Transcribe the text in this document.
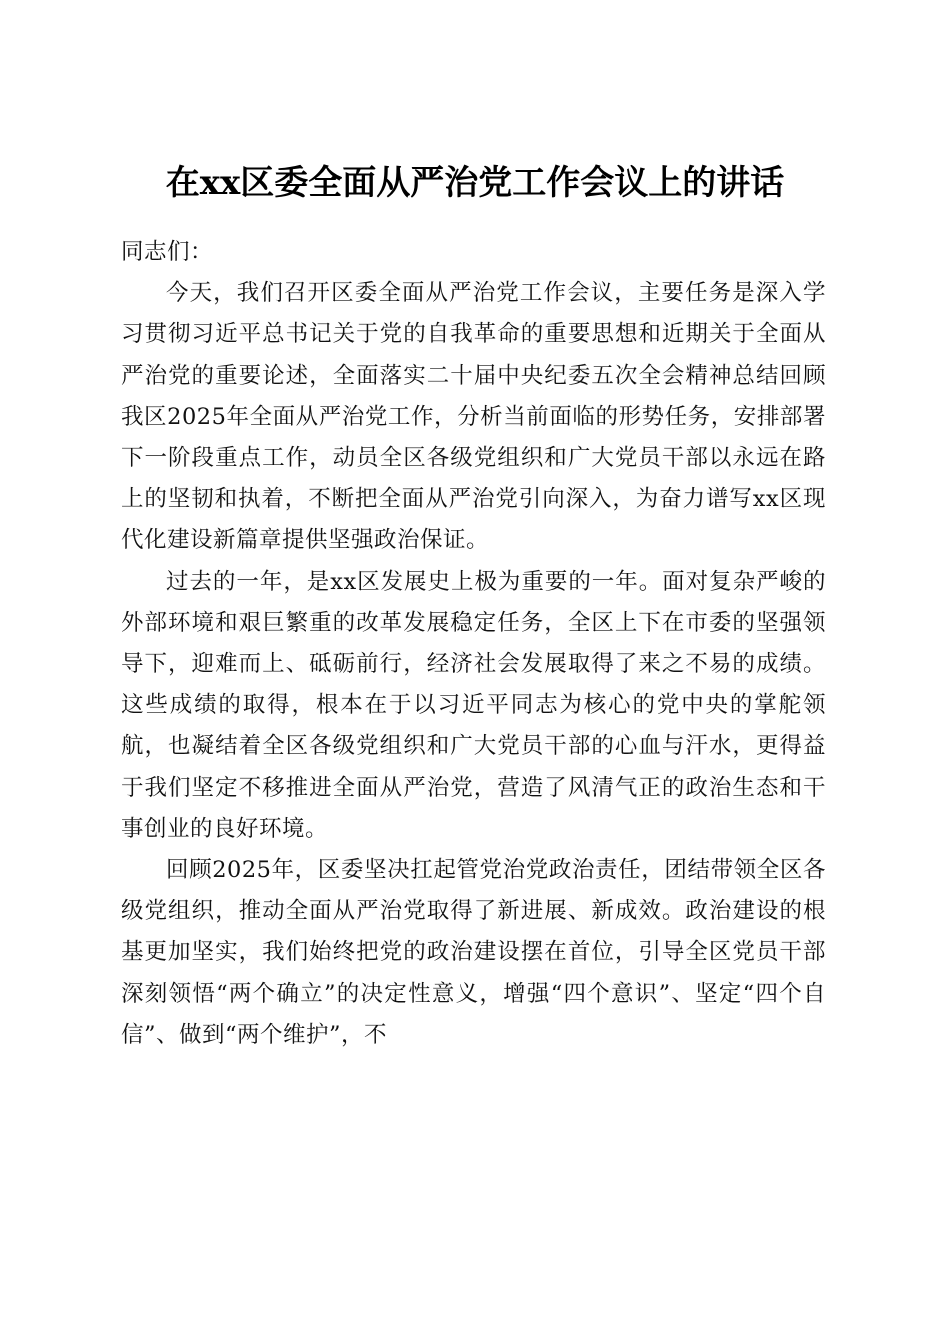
在xx区委全面从严治党工作会议上的讲话

同志们：

今天，我们召开区委全面从严治党工作会议，主要任务是深入学习贯彻习近平总书记关于党的自我革命的重要思想和近期关于全面从严治党的重要论述，全面落实二十届中央纪委五次全会精神总结回顾我区2025年全面从严治党工作，分析当前面临的形势任务，安排部署下一阶段重点工作，动员全区各级党组织和广大党员干部以永远在路上的坚韧和执着，不断把全面从严治党引向深入，为奋力谱写xx区现代化建设新篇章提供坚强政治保证。

过去的一年，是xx区发展史上极为重要的一年。面对复杂严峻的外部环境和艰巨繁重的改革发展稳定任务，全区上下在市委的坚强领导下，迎难而上、砥砺前行，经济社会发展取得了来之不易的成绩。这些成绩的取得，根本在于以习近平同志为核心的党中央的掌舵领航，也凝结着全区各级党组织和广大党员干部的心血与汗水，更得益于我们坚定不移推进全面从严治党，营造了风清气正的政治生态和干事创业的良好环境。

回顾2025年，区委坚决扛起管党治党政治责任，团结带领全区各级党组织，推动全面从严治党取得了新进展、新成效。政治建设的根基更加坚实，我们始终把党的政治建设摆在首位，引导全区党员干部深刻领悟“两个确立”的决定性意义，增强“四个意识”、坚定“四个自信”、做到“两个维护”，不
